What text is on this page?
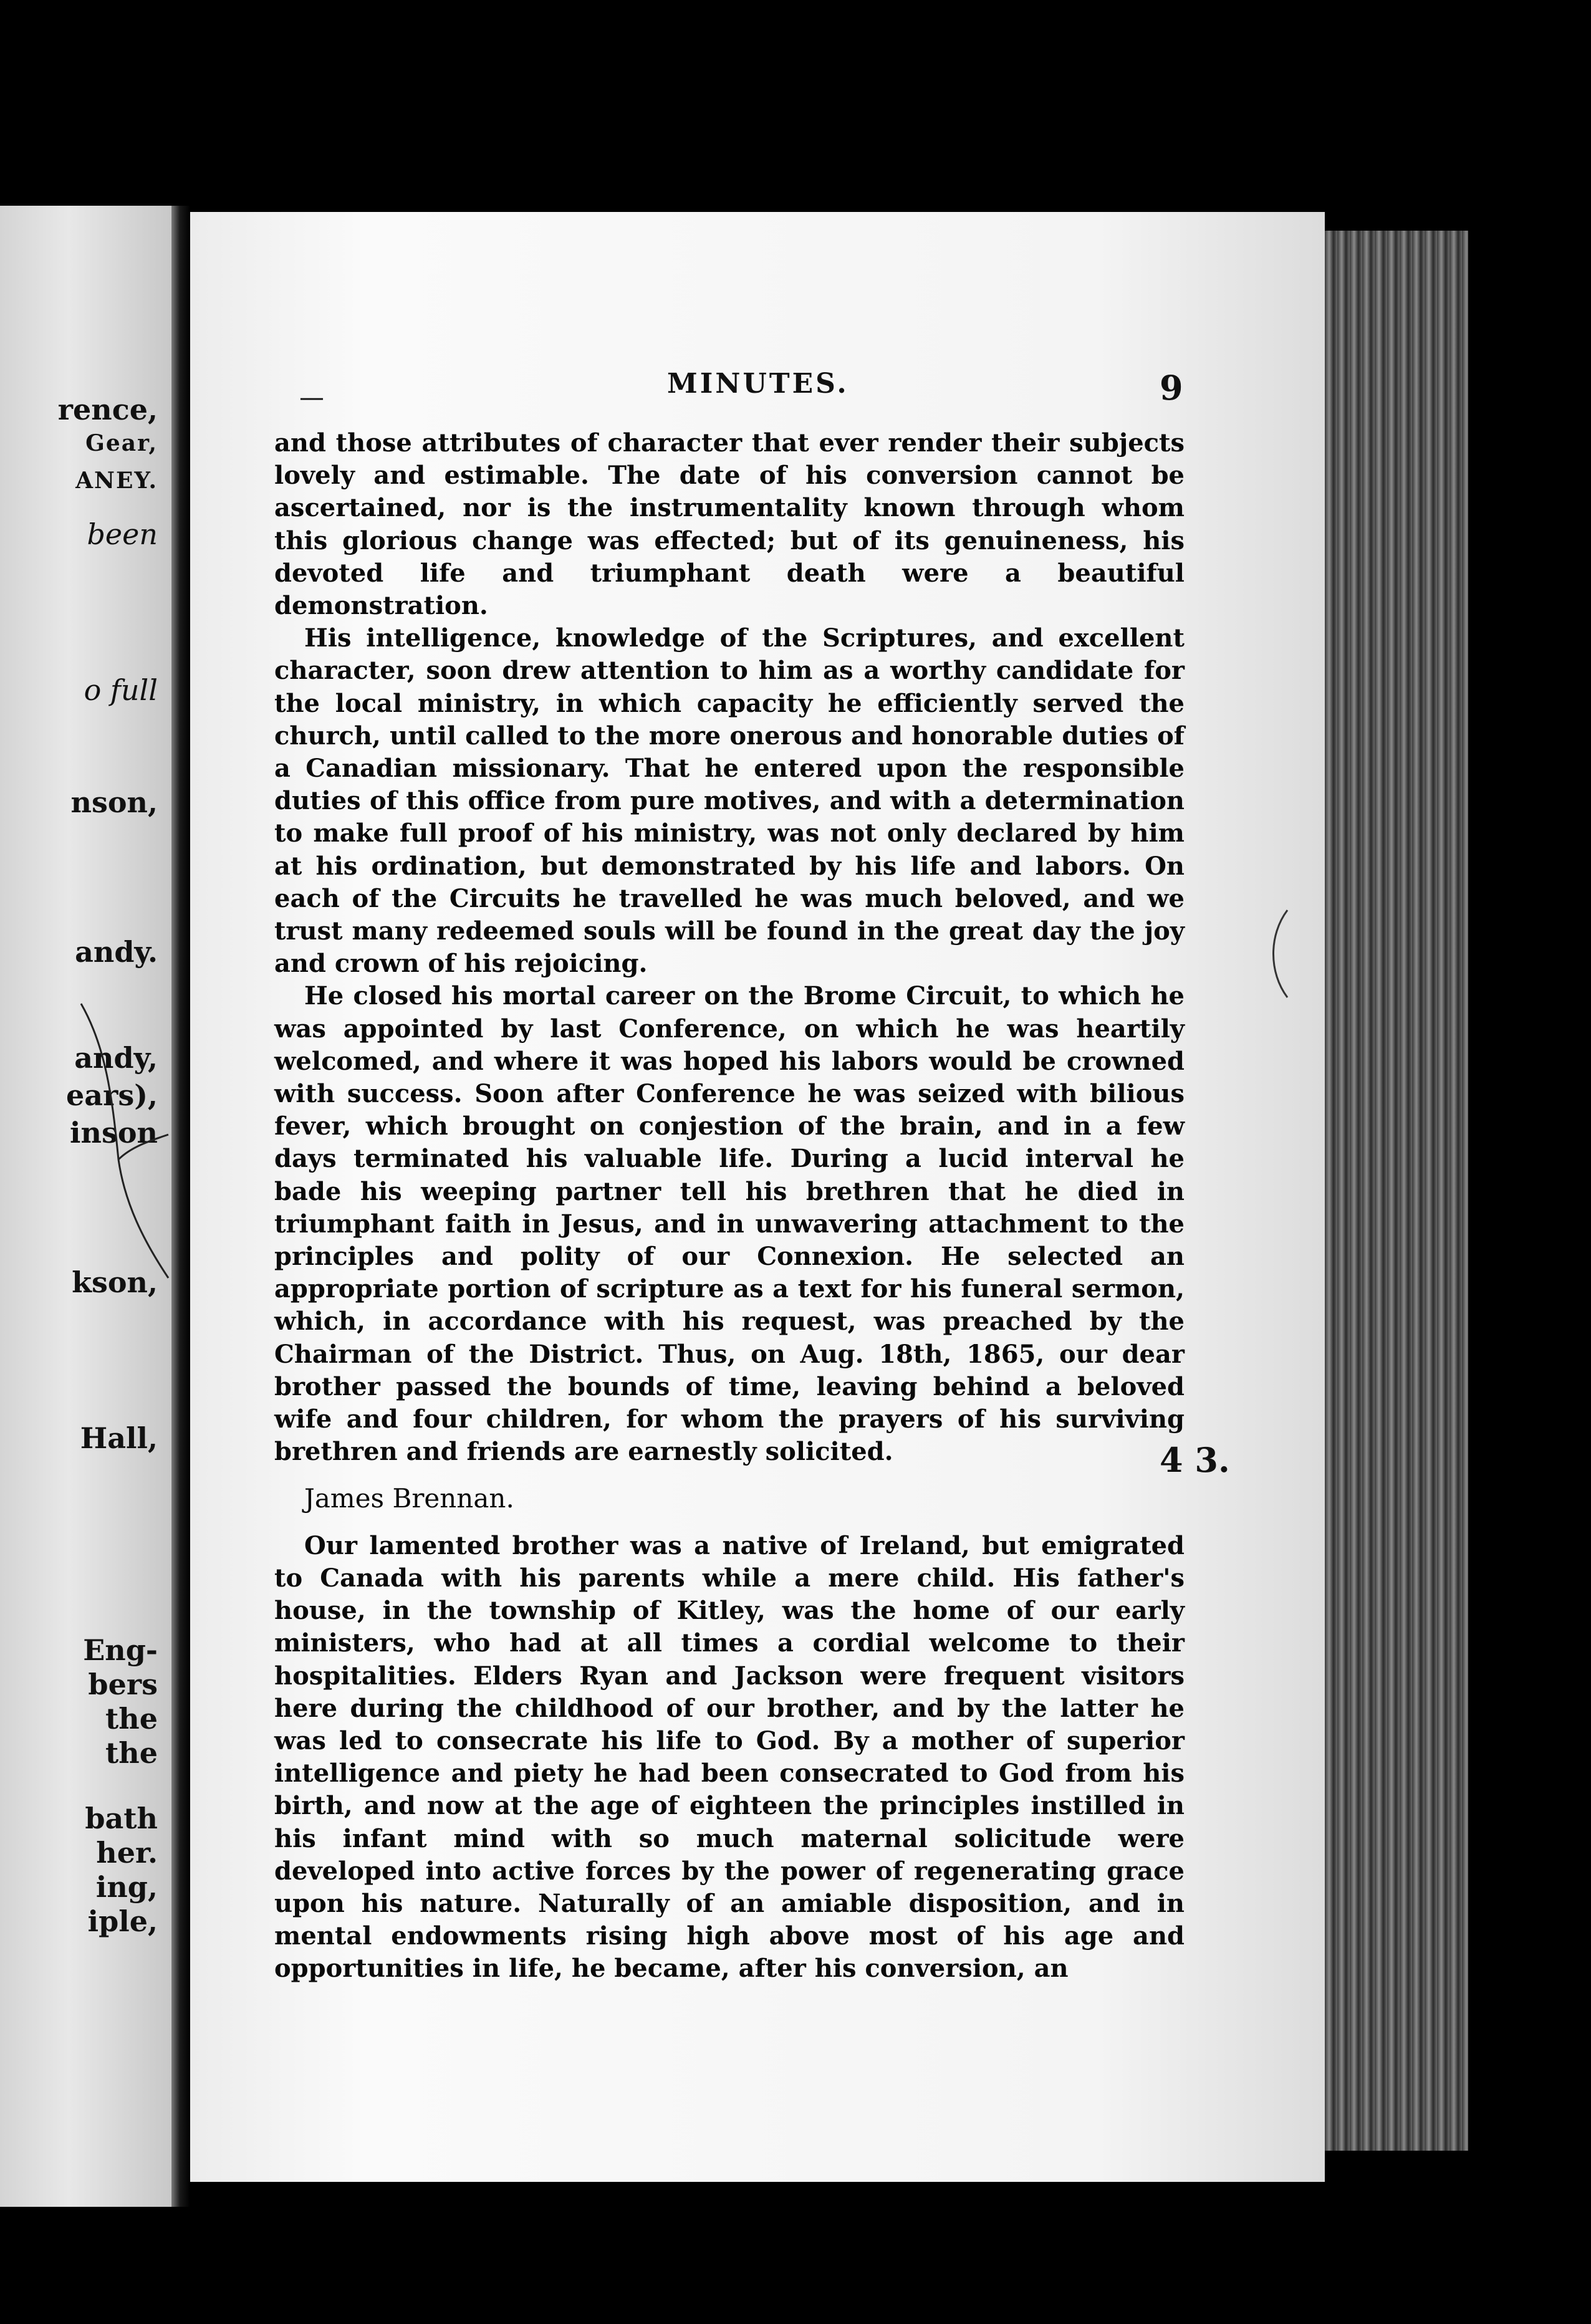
rence,
Gear,
ANEY.
been
o full
nson,
andy.
andy,
ears),
inson
kson,
Hall,
Eng-
bers
the
the
bath
her.
ing,
iple,
—	MINUTES.	9

and those attributes of character that ever render their subjects lovely and estimable. The date of his conversion cannot be ascertained, nor is the instrumentality known through whom this glorious change was effected; but of its genuineness, his devoted life and triumphant death were a beautiful demonstration.

His intelligence, knowledge of the Scriptures, and excellent character, soon drew attention to him as a worthy candidate for the local ministry, in which capacity he efficiently served the church, until called to the more onerous and honorable duties of a Canadian missionary. That he entered upon the responsible duties of this office from pure motives, and with a determination to make full proof of his ministry, was not only declared by him at his ordination, but demonstrated by his life and labors. On each of the Circuits he travelled he was much beloved, and we trust many redeemed souls will be found in the great day the joy and crown of his rejoicing.

He closed his mortal career on the Brome Circuit, to which he was appointed by last Conference, on which he was heartily welcomed, and where it was hoped his labors would be crowned with success. Soon after Conference he was seized with bilious fever, which brought on conjestion of the brain, and in a few days terminated his valuable life. During a lucid interval he bade his weeping partner tell his brethren that he died in triumphant faith in Jesus, and in unwavering attachment to the principles and polity of our Connexion. He selected an appropriate portion of scripture as a text for his funeral sermon, which, in accordance with his request, was preached by the Chairman of the District. Thus, on Aug. 18th, 1865, our dear brother passed the bounds of time, leaving behind a beloved wife and four children, for whom the prayers of his surviving brethren and friends are earnestly solicited.

James Brennan.

Our lamented brother was a native of Ireland, but emigrated to Canada with his parents while a mere child. His father's house, in the township of Kitley, was the home of our early ministers, who had at all times a cordial welcome to their hospitalities. Elders Ryan and Jackson were frequent visitors here during the childhood of our brother, and by the latter he was led to consecrate his life to God. By a mother of superior intelligence and piety he had been consecrated to God from his birth, and now at the age of eighteen the principles instilled in his infant mind with so much maternal solicitude were developed into active forces by the power of regenerating grace upon his nature. Naturally of an amiable disposition, and in mental endowments rising high above most of his age and opportunities in life, he became, after his conversion, an

4 3.
